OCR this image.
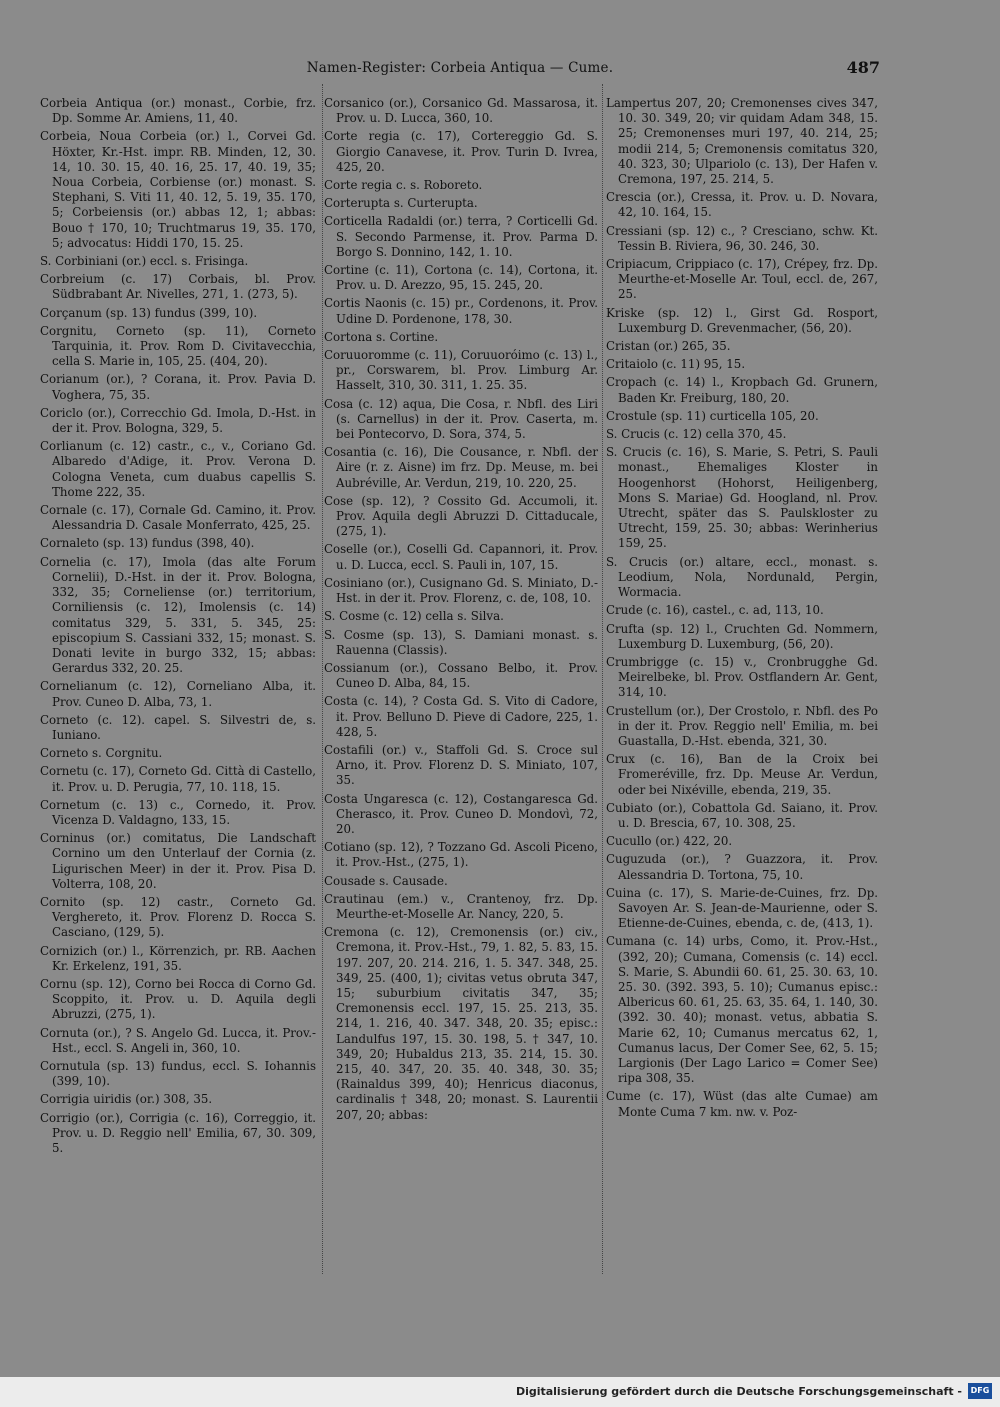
Namen-Register: Corbeia Antiqua — Cume.	487

Corbeia Antiqua (or.) monast., Corbie, frz. Dp. Somme Ar. Amiens, 11, 40.

Corbeia, Noua Corbeia (or.) l., Corvei Gd. Höxter, Kr.-Hst. impr. RB. Minden, 12, 30. 14, 10. 30. 15, 40. 16, 25. 17, 40. 19, 35; Noua Corbeia, Corbiense (or.) monast. S. Stephani, S. Viti 11, 40. 12, 5. 19, 35. 170, 5; Corbeiensis (or.) abbas 12, 1; abbas: Bouo † 170, 10; Truchtmarus 19, 35. 170, 5; advocatus: Hiddi 170, 15. 25.

S. Corbiniani (or.) eccl. s. Frisinga.

Corbreium (c. 17) Corbais, bl. Prov. Südbrabant Ar. Nivelles, 271, 1. (273, 5).

Corçanum (sp. 13) fundus (399, 10).

Corgnitu, Corneto (sp. 11), Corneto Tarquinia, it. Prov. Rom D. Civitavecchia, cella S. Marie in, 105, 25. (404, 20).

Corianum (or.), ? Corana, it. Prov. Pavia D. Voghera, 75, 35.

Coriclo (or.), Correcchio Gd. Imola, D.-Hst. in der it. Prov. Bologna, 329, 5.

Corlianum (c. 12) castr., c., v., Coriano Gd. Albaredo d'Adige, it. Prov. Verona D. Cologna Veneta, cum duabus capellis S. Thome 222, 35.

Cornale (c. 17), Cornale Gd. Camino, it. Prov. Alessandria D. Casale Monferrato, 425, 25.

Cornaleto (sp. 13) fundus (398, 40).

Cornelia (c. 17), Imola (das alte Forum Cornelii), D.-Hst. in der it. Prov. Bologna, 332, 35; Corneliense (or.) territorium, Corniliensis (c. 12), Imolensis (c. 14) comitatus 329, 5. 331, 5. 345, 25: episcopium S. Cassiani 332, 15; monast. S. Donati levite in burgo 332, 15; abbas: Gerardus 332, 20. 25.

Cornelianum (c. 12), Corneliano Alba, it. Prov. Cuneo D. Alba, 73, 1.

Corneto (c. 12). capel. S. Silvestri de, s. Iuniano.

Corneto s. Corgnitu.

Cornetu (c. 17), Corneto Gd. Città di Castello, it. Prov. u. D. Perugia, 77, 10. 118, 15.

Cornetum (c. 13) c., Cornedo, it. Prov. Vicenza D. Valdagno, 133, 15.

Corninus (or.) comitatus, Die Landschaft Cornino um den Unterlauf der Cornia (z. Ligurischen Meer) in der it. Prov. Pisa D. Volterra, 108, 20.

Cornito (sp. 12) castr., Corneto Gd. Verghereto, it. Prov. Florenz D. Rocca S. Casciano, (129, 5).

Cornizich (or.) l., Körrenzich, pr. RB. Aachen Kr. Erkelenz, 191, 35.

Cornu (sp. 12), Corno bei Rocca di Corno Gd. Scoppito, it. Prov. u. D. Aquila degli Abruzzi, (275, 1).

Cornuta (or.), ? S. Angelo Gd. Lucca, it. Prov.-Hst., eccl. S. Angeli in, 360, 10.

Cornutula (sp. 13) fundus, eccl. S. Iohannis (399, 10).

Corrigia uiridis (or.) 308, 35.

Corrigio (or.), Corrigia (c. 16), Correggio, it. Prov. u. D. Reggio nell' Emilia, 67, 30. 309, 5.

Corsanico (or.), Corsanico Gd. Massarosa, it. Prov. u. D. Lucca, 360, 10.

Corte regia (c. 17), Cortereggio Gd. S. Giorgio Canavese, it. Prov. Turin D. Ivrea, 425, 20.

Corte regia c. s. Roboreto.

Corterupta s. Curterupta.

Corticella Radaldi (or.) terra, ? Corticelli Gd. S. Secondo Parmense, it. Prov. Parma D. Borgo S. Donnino, 142, 1. 10.

Cortine (c. 11), Cortona (c. 14), Cortona, it. Prov. u. D. Arezzo, 95, 15. 245, 20.

Cortis Naonis (c. 15) pr., Cordenons, it. Prov. Udine D. Pordenone, 178, 30.

Cortona s. Cortine.

Coruuoromme (c. 11), Coruuoróimo (c. 13) l., pr., Corswarem, bl. Prov. Limburg Ar. Hasselt, 310, 30. 311, 1. 25. 35.

Cosa (c. 12) aqua, Die Cosa, r. Nbfl. des Liri (s. Carnellus) in der it. Prov. Caserta, m. bei Pontecorvo, D. Sora, 374, 5.

Cosantia (c. 16), Die Cousance, r. Nbfl. der Aire (r. z. Aisne) im frz. Dp. Meuse, m. bei Aubréville, Ar. Verdun, 219, 10. 220, 25.

Cose (sp. 12), ? Cossito Gd. Accumoli, it. Prov. Aquila degli Abruzzi D. Cittaducale, (275, 1).

Coselle (or.), Coselli Gd. Capannori, it. Prov. u. D. Lucca, eccl. S. Pauli in, 107, 15.

Cosiniano (or.), Cusignano Gd. S. Miniato, D.-Hst. in der it. Prov. Florenz, c. de, 108, 10.

S. Cosme (c. 12) cella s. Silva.

S. Cosme (sp. 13), S. Damiani monast. s. Rauenna (Classis).

Cossianum (or.), Cossano Belbo, it. Prov. Cuneo D. Alba, 84, 15.

Costa (c. 14), ? Costa Gd. S. Vito di Cadore, it. Prov. Belluno D. Pieve di Cadore, 225, 1. 428, 5.

Costafili (or.) v., Staffoli Gd. S. Croce sul Arno, it. Prov. Florenz D. S. Miniato, 107, 35.

Costa Ungaresca (c. 12), Costangaresca Gd. Cherasco, it. Prov. Cuneo D. Mondovì, 72, 20.

Cotiano (sp. 12), ? Tozzano Gd. Ascoli Piceno, it. Prov.-Hst., (275, 1).

Cousade s. Causade.

Crautinau (em.) v., Crantenoy, frz. Dp. Meurthe-et-Moselle Ar. Nancy, 220, 5.

Cremona (c. 12), Cremonensis (or.) civ., Cremona, it. Prov.-Hst., 79, 1. 82, 5. 83, 15. 197. 207, 20. 214. 216, 1. 5. 347. 348, 25. 349, 25. (400, 1); civitas vetus obruta 347, 15; suburbium civitatis 347, 35; Cremonensis eccl. 197, 15. 25. 213, 35. 214, 1. 216, 40. 347. 348, 20. 35; episc.: Landulfus 197, 15. 30. 198, 5. † 347, 10. 349, 20; Hubaldus 213, 35. 214, 15. 30. 215, 40. 347, 20. 35. 40. 348, 30. 35; (Rainaldus 399, 40); Henricus diaconus, cardinalis † 348, 20; monast. S. Laurentii 207, 20; abbas:

Lampertus 207, 20; Cremonenses cives 347, 10. 30. 349, 20; vir quidam Adam 348, 15. 25; Cremonenses muri 197, 40. 214, 25; modii 214, 5; Cremonensis comitatus 320, 40. 323, 30; Ulpariolo (c. 13), Der Hafen v. Cremona, 197, 25. 214, 5.

Crescia (or.), Cressa, it. Prov. u. D. Novara, 42, 10. 164, 15.

Cressiani (sp. 12) c., ? Cresciano, schw. Kt. Tessin B. Riviera, 96, 30. 246, 30.

Cripiacum, Crippiaco (c. 17), Crépey, frz. Dp. Meurthe-et-Moselle Ar. Toul, eccl. de, 267, 25.

Kriske (sp. 12) l., Girst Gd. Rosport, Luxemburg D. Grevenmacher, (56, 20).

Cristan (or.) 265, 35.

Critaiolo (c. 11) 95, 15.

Cropach (c. 14) l., Kropbach Gd. Grunern, Baden Kr. Freiburg, 180, 20.

Crostule (sp. 11) curticella 105, 20.

S. Crucis (c. 12) cella 370, 45.

S. Crucis (c. 16), S. Marie, S. Petri, S. Pauli monast., Ehemaliges Kloster in Hoogenhorst (Hohorst, Heiligenberg, Mons S. Mariae) Gd. Hoogland, nl. Prov. Utrecht, später das S. Paulskloster zu Utrecht, 159, 25. 30; abbas: Werinherius 159, 25.

S. Crucis (or.) altare, eccl., monast. s. Leodium, Nola, Nordunald, Pergin, Wormacia.

Crude (c. 16), castel., c. ad, 113, 10.

Crufta (sp. 12) l., Cruchten Gd. Nommern, Luxemburg D. Luxemburg, (56, 20).

Crumbrigge (c. 15) v., Cronbrugghe Gd. Meirelbeke, bl. Prov. Ostflandern Ar. Gent, 314, 10.

Crustellum (or.), Der Crostolo, r. Nbfl. des Po in der it. Prov. Reggio nell' Emilia, m. bei Guastalla, D.-Hst. ebenda, 321, 30.

Crux (c. 16), Ban de la Croix bei Fromeréville, frz. Dp. Meuse Ar. Verdun, oder bei Nixéville, ebenda, 219, 35.

Cubiato (or.), Cobattola Gd. Saiano, it. Prov. u. D. Brescia, 67, 10. 308, 25.

Cucullo (or.) 422, 20.

Cuguzuda (or.), ? Guazzora, it. Prov. Alessandria D. Tortona, 75, 10.

Cuina (c. 17), S. Marie-de-Cuines, frz. Dp. Savoyen Ar. S. Jean-de-Maurienne, oder S. Etienne-de-Cuines, ebenda, c. de, (413, 1).

Cumana (c. 14) urbs, Como, it. Prov.-Hst., (392, 20); Cumana, Comensis (c. 14) eccl. S. Marie, S. Abundii 60. 61, 25. 30. 63, 10. 25. 30. (392. 393, 5. 10); Cumanus episc.: Albericus 60. 61, 25. 63, 35. 64, 1. 140, 30. (392. 30. 40); monast. vetus, abbatia S. Marie 62, 10; Cumanus mercatus 62, 1, Cumanus lacus, Der Comer See, 62, 5. 15; Largionis (Der Lago Larico = Comer See) ripa 308, 35.

Cume (c. 17), Wüst (das alte Cumae) am Monte Cuma 7 km. nw. v. Poz-

Digitalisierung gefördert durch die Deutsche Forschungsgemeinschaft -	DFG
